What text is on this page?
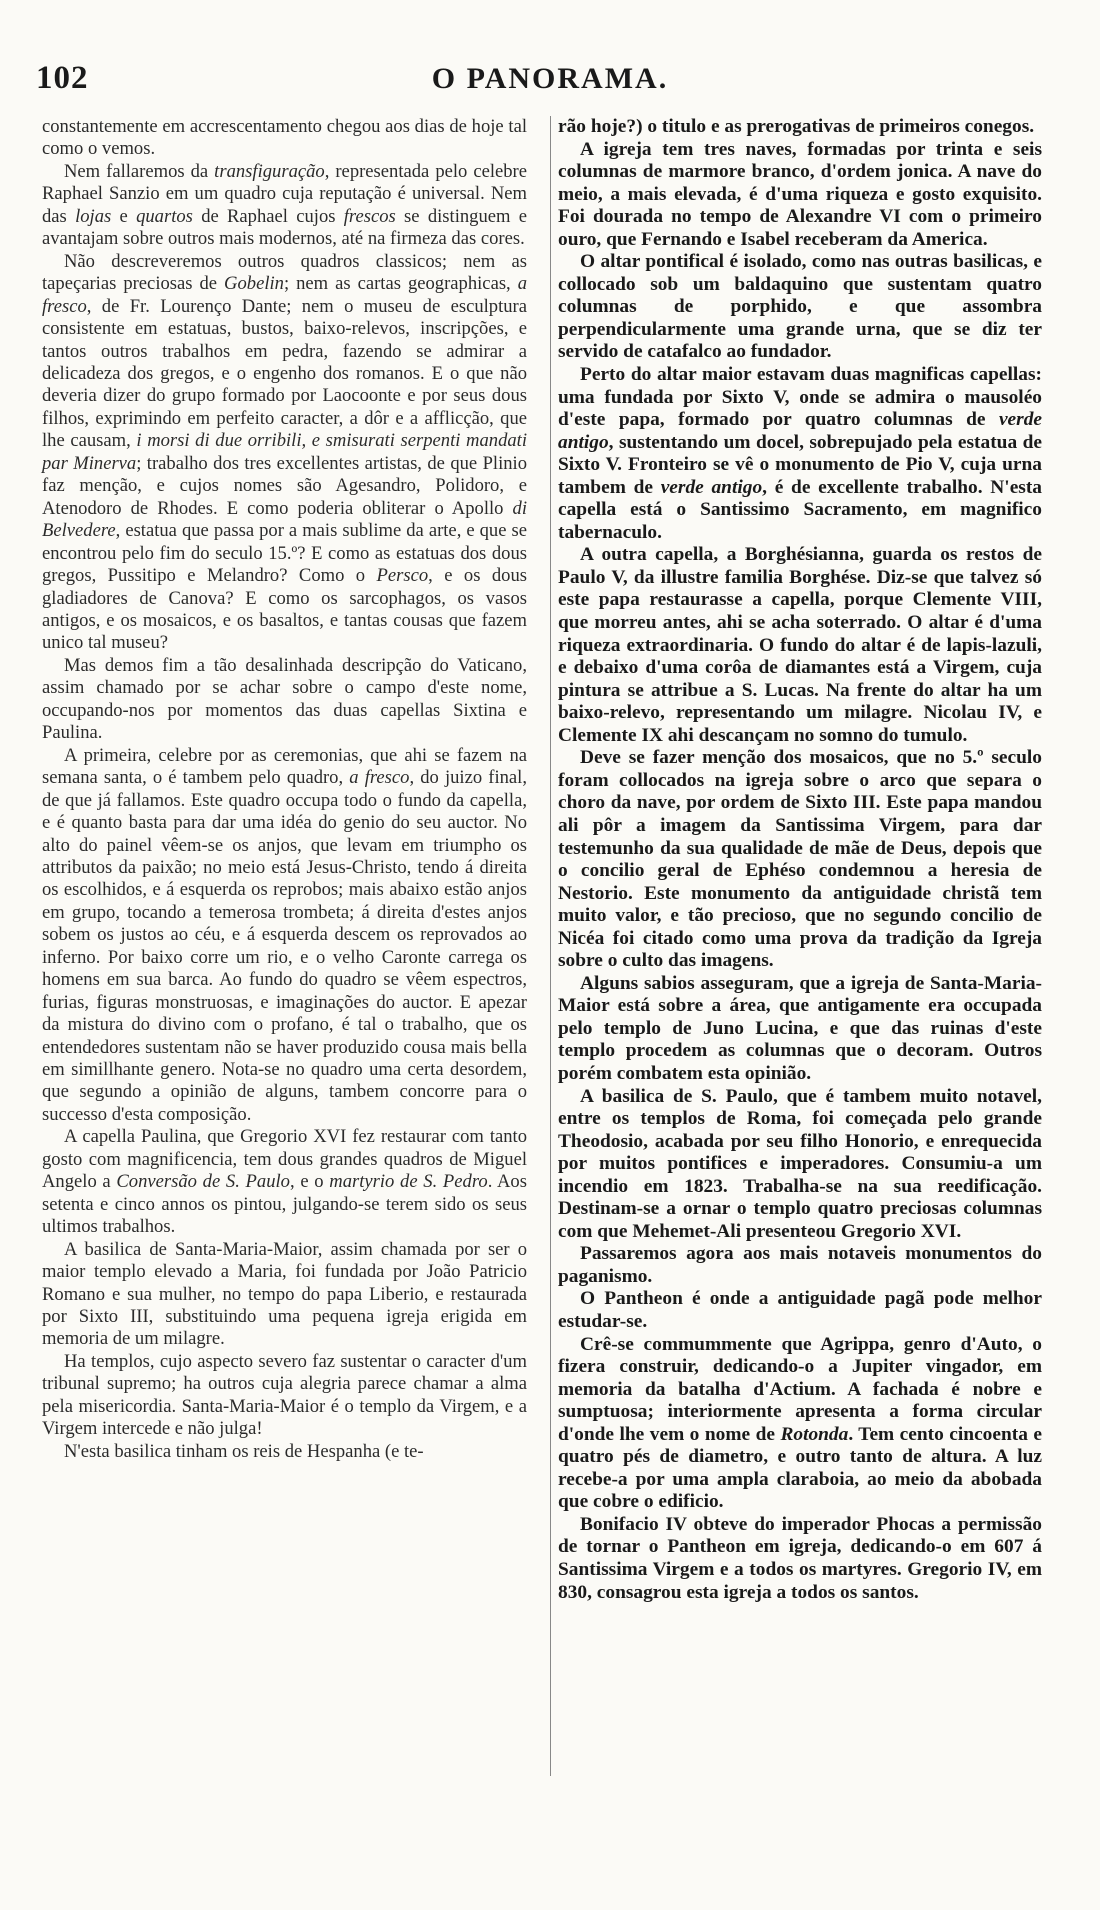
102	O PANORAMA.

constantemente em accrescentamento chegou aos dias de hoje tal como o vemos.

Nem fallaremos da transfiguração, representada pelo celebre Raphael Sanzio em um quadro cuja reputação é universal. Nem das lojas e quartos de Raphael cujos frescos se distinguem e avantajam sobre outros mais modernos, até na firmeza das cores.

Não descreveremos outros quadros classicos; nem as tapeçarias preciosas de Gobelin; nem as cartas geographicas, a fresco, de Fr. Lourenço Dante; nem o museu de esculptura consistente em estatuas, bustos, baixo-relevos, inscripções, e tantos outros trabalhos em pedra, fazendo se admirar a delicadeza dos gregos, e o engenho dos romanos. E o que não deveria dizer do grupo formado por Laocoonte e por seus dous filhos, exprimindo em perfeito caracter, a dôr e a afflicção, que lhe causam, i morsi di due orribili, e smisurati serpenti mandati par Minerva; trabalho dos tres excellentes artistas, de que Plinio faz menção, e cujos nomes são Agesandro, Polidoro, e Atenodoro de Rhodes. E como poderia obliterar o Apollo di Belvedere, estatua que passa por a mais sublime da arte, e que se encontrou pelo fim do seculo 15.º? E como as estatuas dos dous gregos, Pussitipo e Melandro? Como o Persco, e os dous gladiadores de Canova? E como os sarcophagos, os vasos antigos, e os mosaicos, e os basaltos, e tantas cousas que fazem unico tal museu?

Mas demos fim a tão desalinhada descripção do Vaticano, assim chamado por se achar sobre o campo d'este nome, occupando-nos por momentos das duas capellas Sixtina e Paulina.

A primeira, celebre por as ceremonias, que ahi se fazem na semana santa, o é tambem pelo quadro, a fresco, do juizo final, de que já fallamos. Este quadro occupa todo o fundo da capella, e é quanto basta para dar uma idéa do genio do seu auctor. No alto do painel vêem-se os anjos, que levam em triumpho os attributos da paixão; no meio está Jesus-Christo, tendo á direita os escolhidos, e á esquerda os reprobos; mais abaixo estão anjos em grupo, tocando a temerosa trombeta; á direita d'estes anjos sobem os justos ao céu, e á esquerda descem os reprovados ao inferno. Por baixo corre um rio, e o velho Caronte carrega os homens em sua barca. Ao fundo do quadro se vêem espectros, furias, figuras monstruosas, e imaginações do auctor. E apezar da mistura do divino com o profano, é tal o trabalho, que os entendedores sustentam não se haver produzido cousa mais bella em simillhante genero. Nota-se no quadro uma certa desordem, que segundo a opinião de alguns, tambem concorre para o successo d'esta composição.

A capella Paulina, que Gregorio XVI fez restaurar com tanto gosto com magnificencia, tem dous grandes quadros de Miguel Angelo a Conversão de S. Paulo, e o martyrio de S. Pedro. Aos setenta e cinco annos os pintou, julgando-se terem sido os seus ultimos trabalhos.

A basilica de Santa-Maria-Maior, assim chamada por ser o maior templo elevado a Maria, foi fundada por João Patricio Romano e sua mulher, no tempo do papa Liberio, e restaurada por Sixto III, substituindo uma pequena igreja erigida em memoria de um milagre.

Ha templos, cujo aspecto severo faz sustentar o caracter d'um tribunal supremo; ha outros cuja alegria parece chamar a alma pela misericordia. Santa-Maria-Maior é o templo da Virgem, e a Virgem intercede e não julga!

N'esta basilica tinham os reis de Hespanha (e te-

rão hoje?) o titulo e as prerogativas de primeiros conegos.

A igreja tem tres naves, formadas por trinta e seis columnas de marmore branco, d'ordem jonica. A nave do meio, a mais elevada, é d'uma riqueza e gosto exquisito. Foi dourada no tempo de Alexandre VI com o primeiro ouro, que Fernando e Isabel receberam da America.

O altar pontifical é isolado, como nas outras basilicas, e collocado sob um baldaquino que sustentam quatro columnas de porphido, e que assombra perpendicularmente uma grande urna, que se diz ter servido de catafalco ao fundador.

Perto do altar maior estavam duas magnificas capellas: uma fundada por Sixto V, onde se admira o mausoléo d'este papa, formado por quatro columnas de verde antigo, sustentando um docel, sobrepujado pela estatua de Sixto V. Fronteiro se vê o monumento de Pio V, cuja urna tambem de verde antigo, é de excellente trabalho. N'esta capella está o Santissimo Sacramento, em magnifico tabernaculo.

A outra capella, a Borghésianna, guarda os restos de Paulo V, da illustre familia Borghése. Diz-se que talvez só este papa restaurasse a capella, porque Clemente VIII, que morreu antes, ahi se acha soterrado. O altar é d'uma riqueza extraordinaria. O fundo do altar é de lapis-lazuli, e debaixo d'uma corôa de diamantes está a Virgem, cuja pintura se attribue a S. Lucas. Na frente do altar ha um baixo-relevo, representando um milagre. Nicolau IV, e Clemente IX ahi descançam no somno do tumulo.

Deve se fazer menção dos mosaicos, que no 5.º seculo foram collocados na igreja sobre o arco que separa o choro da nave, por ordem de Sixto III. Este papa mandou ali pôr a imagem da Santissima Virgem, para dar testemunho da sua qualidade de mãe de Deus, depois que o concilio geral de Ephéso condemnou a heresia de Nestorio. Este monumento da antiguidade christã tem muito valor, e tão precioso, que no segundo concilio de Nicéa foi citado como uma prova da tradição da Igreja sobre o culto das imagens.

Alguns sabios asseguram, que a igreja de Santa-Maria-Maior está sobre a área, que antigamente era occupada pelo templo de Juno Lucina, e que das ruinas d'este templo procedem as columnas que o decoram. Outros porém combatem esta opinião.

A basilica de S. Paulo, que é tambem muito notavel, entre os templos de Roma, foi começada pelo grande Theodosio, acabada por seu filho Honorio, e enrequecida por muitos pontifices e imperadores. Consumiu-a um incendio em 1823. Trabalha-se na sua reedificação. Destinam-se a ornar o templo quatro preciosas columnas com que Mehemet-Ali presenteou Gregorio XVI.

Passaremos agora aos mais notaveis monumentos do paganismo.

O Pantheon é onde a antiguidade pagã pode melhor estudar-se.

Crê-se commummente que Agrippa, genro d'Auto, o fizera construir, dedicando-o a Jupiter vingador, em memoria da batalha d'Actium. A fachada é nobre e sumptuosa; interiormente apresenta a forma circular d'onde lhe vem o nome de Rotonda. Tem cento cincoenta e quatro pés de diametro, e outro tanto de altura. A luz recebe-a por uma ampla claraboia, ao meio da abobada que cobre o edificio.

Bonifacio IV obteve do imperador Phocas a permissão de tornar o Pantheon em igreja, dedicando-o em 607 á Santissima Virgem e a todos os martyres. Gregorio IV, em 830, consagrou esta igreja a todos os santos.
